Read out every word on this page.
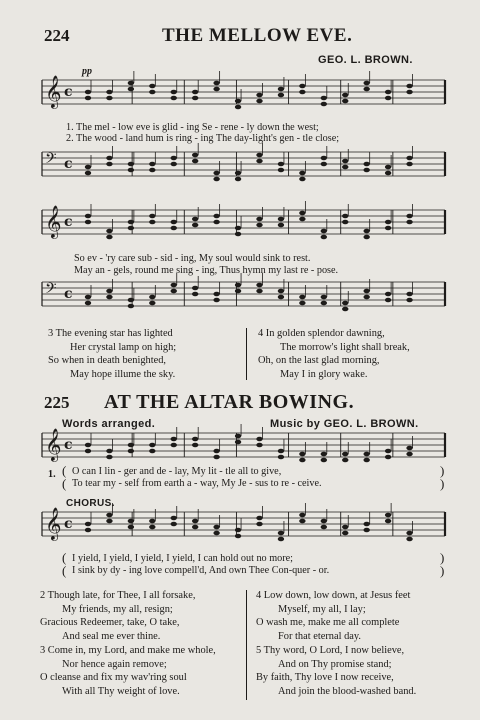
224	THE MELLOW EVE.
GEO. L. BROWN.
pp
𝄞 c
1. The mel - low eve is glid - ing Se - rene - ly down the west;
2. The wood - land hum is ring - ing The day-light's gen - tle close;
𝄢 c
𝄞 c
So ev - 'ry care sub - sid - ing, My soul would sink to rest.
May an - gels, round me sing - ing, Thus hymn my last re - pose.
𝄢 c
3 The evening star has lighted
Her crystal lamp on high;
So when in death benighted,
May hope illume the sky.
4 In golden splendor dawning,
The morrow's light shall break,
Oh, on the last glad morning,
May I in glory wake.
225 AT THE ALTAR BOWING.
Words arranged.	Music by GEO. L. BROWN.
𝄞 c
1. (
(
O can I lin - ger and de - lay, My lit - tle all to give,
To tear my - self from earth a - way, My Je - sus to re - ceive.
)
)
CHORUS.
𝄞 c
(
(
I yield, I yield, I yield, I yield, I can hold out no more;
I sink by dy - ing love compell'd, And own Thee Con-quer - or.
)
)
2 Though late, for Thee, I all forsake,
My friends, my all, resign;
Gracious Redeemer, take, O take,
And seal me ever thine.
3 Come in, my Lord, and make me whole,
Nor hence again remove;
O cleanse and fix my wav'ring soul
With all Thy weight of love.
4 Low down, low down, at Jesus feet
Myself, my all, I lay;
O wash me, make me all complete
For that eternal day.
5 Thy word, O Lord, I now believe,
And on Thy promise stand;
By faith, Thy love I now receive,
And join the blood-washed band.
